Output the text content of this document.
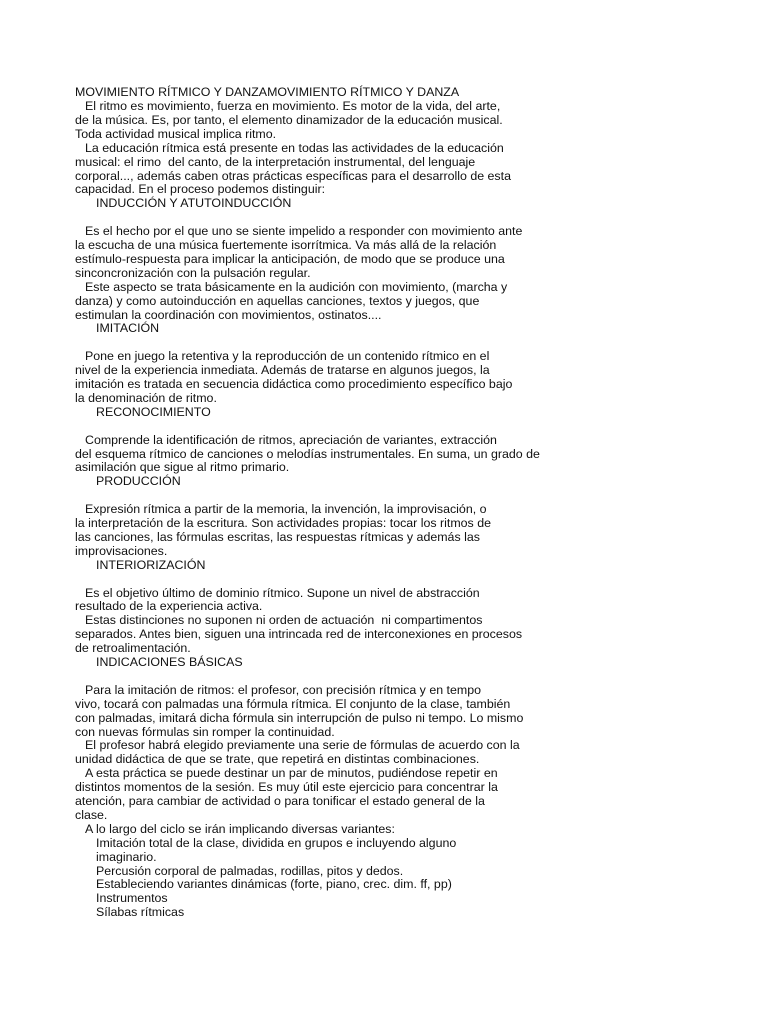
MOVIMIENTO RÍTMICO Y DANZAMOVIMIENTO RÍTMICO Y DANZA
El ritmo es movimiento, fuerza en movimiento. Es motor de la vida, del arte,
de la música. Es, por tanto, el elemento dinamizador de la educación musical.
Toda actividad musical implica ritmo.
La educación rítmica está presente en todas las actividades de la educación
musical: el rimo  del canto, de la interpretación instrumental, del lenguaje
corporal..., además caben otras prácticas específicas para el desarrollo de esta
capacidad. En el proceso podemos distinguir:
INDUCCIÓN Y ATUTOINDUCCIÓN
Es el hecho por el que uno se siente impelido a responder con movimiento ante
la escucha de una música fuertemente isorrítmica. Va más allá de la relación
estímulo-respuesta para implicar la anticipación, de modo que se produce una
sinconcronización con la pulsación regular.
Este aspecto se trata básicamente en la audición con movimiento, (marcha y
danza) y como autoinducción en aquellas canciones, textos y juegos, que
estimulan la coordinación con movimientos, ostinatos....
IMITACIÓN
Pone en juego la retentiva y la reproducción de un contenido rítmico en el
nivel de la experiencia inmediata. Además de tratarse en algunos juegos, la
imitación es tratada en secuencia didáctica como procedimiento específico bajo
la denominación de ritmo.
RECONOCIMIENTO
Comprende la identificación de ritmos, apreciación de variantes, extracción
del esquema rítmico de canciones o melodías instrumentales. En suma, un grado de
asimilación que sigue al ritmo primario.
PRODUCCIÓN
Expresión rítmica a partir de la memoria, la invención, la improvisación, o
la interpretación de la escritura. Son actividades propias: tocar los ritmos de
las canciones, las fórmulas escritas, las respuestas rítmicas y además las
improvisaciones.
INTERIORIZACIÓN
Es el objetivo último de dominio rítmico. Supone un nivel de abstracción
resultado de la experiencia activa.
Estas distinciones no suponen ni orden de actuación  ni compartimentos
separados. Antes bien, siguen una intrincada red de interconexiones en procesos
de retroalimentación.
INDICACIONES BÁSICAS
Para la imitación de ritmos: el profesor, con precisión rítmica y en tempo
vivo, tocará con palmadas una fórmula rítmica. El conjunto de la clase, también
con palmadas, imitará dicha fórmula sin interrupción de pulso ni tempo. Lo mismo
con nuevas fórmulas sin romper la continuidad.
El profesor habrá elegido previamente una serie de fórmulas de acuerdo con la
unidad didáctica de que se trate, que repetirá en distintas combinaciones.
A esta práctica se puede destinar un par de minutos, pudiéndose repetir en
distintos momentos de la sesión. Es muy útil este ejercicio para concentrar la
atención, para cambiar de actividad o para tonificar el estado general de la
clase.
A lo largo del ciclo se irán implicando diversas variantes:
Imitación total de la clase, dividida en grupos e incluyendo alguno
imaginario.
Percusión corporal de palmadas, rodillas, pitos y dedos.
Estableciendo variantes dinámicas (forte, piano, crec. dim. ff, pp)
Instrumentos
Sílabas rítmicas
